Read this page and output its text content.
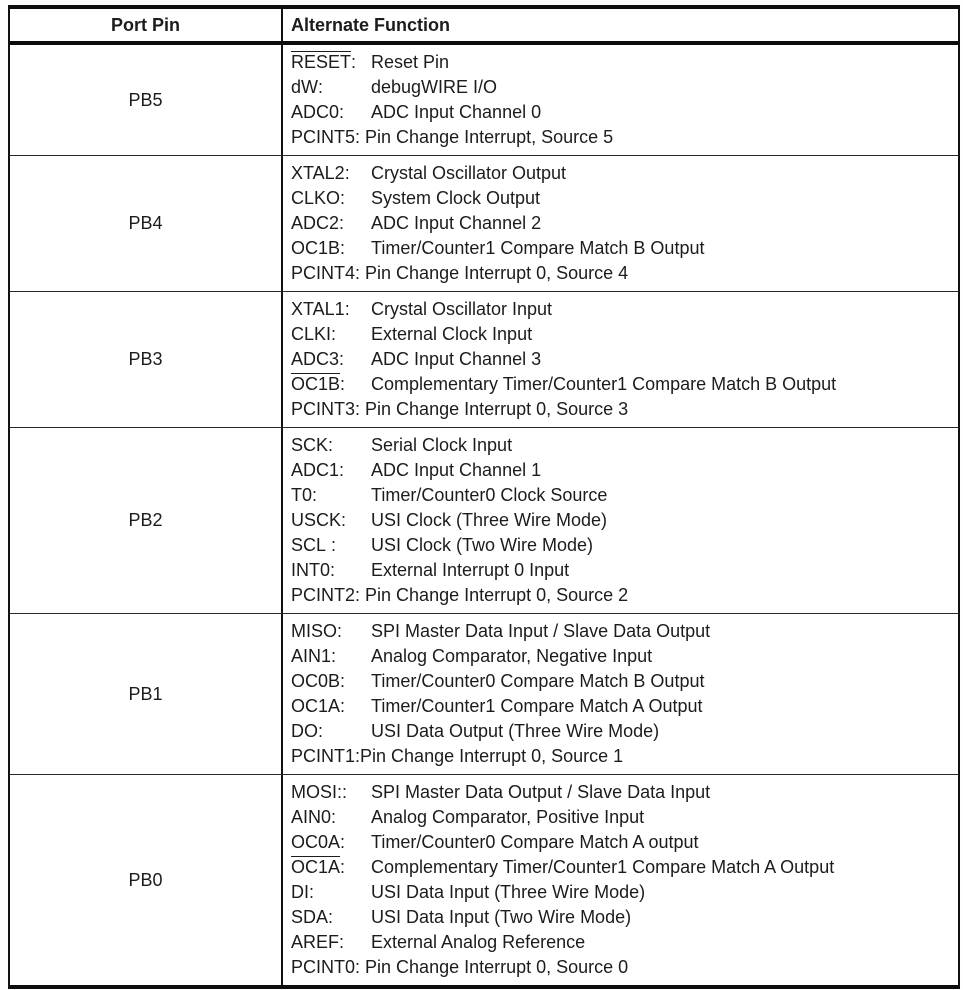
Port Pin	Alternate Function
PB5
RESET: Reset Pin
dW:	debugWIRE I/O
ADC0: ADC Input Channel 0
PCINT5: Pin Change Interrupt, Source 5
PB4
XTAL2: Crystal Oscillator Output
CLKO: System Clock Output
ADC2: ADC Input Channel 2
OC1B: Timer/Counter1 Compare Match B Output
PCINT4: Pin Change Interrupt 0, Source 4
PB3
XTAL1: Crystal Oscillator Input
CLKI: External Clock Input
ADC3: ADC Input Channel 3
OC1B: Complementary Timer/Counter1 Compare Match B Output
PCINT3: Pin Change Interrupt 0, Source 3
PB2
SCK: Serial Clock Input
ADC1: ADC Input Channel 1
T0:	Timer/Counter0 Clock Source
USCK: USI Clock (Three Wire Mode)
SCL : USI Clock (Two Wire Mode)
INT0: External Interrupt 0 Input
PCINT2: Pin Change Interrupt 0, Source 2
PB1
MISO: SPI Master Data Input / Slave Data Output
AIN1: Analog Comparator, Negative Input
OC0B: Timer/Counter0 Compare Match B Output
OC1A: Timer/Counter1 Compare Match A Output
DO:	USI Data Output (Three Wire Mode)
PCINT1:Pin Change Interrupt 0, Source 1
PB0
MOSI:: SPI Master Data Output / Slave Data Input
AIN0: Analog Comparator, Positive Input
OC0A: Timer/Counter0 Compare Match A output
OC1A: Complementary Timer/Counter1 Compare Match A Output
DI:	USI Data Input (Three Wire Mode)
SDA: USI Data Input (Two Wire Mode)
AREF: External Analog Reference
PCINT0: Pin Change Interrupt 0, Source 0
